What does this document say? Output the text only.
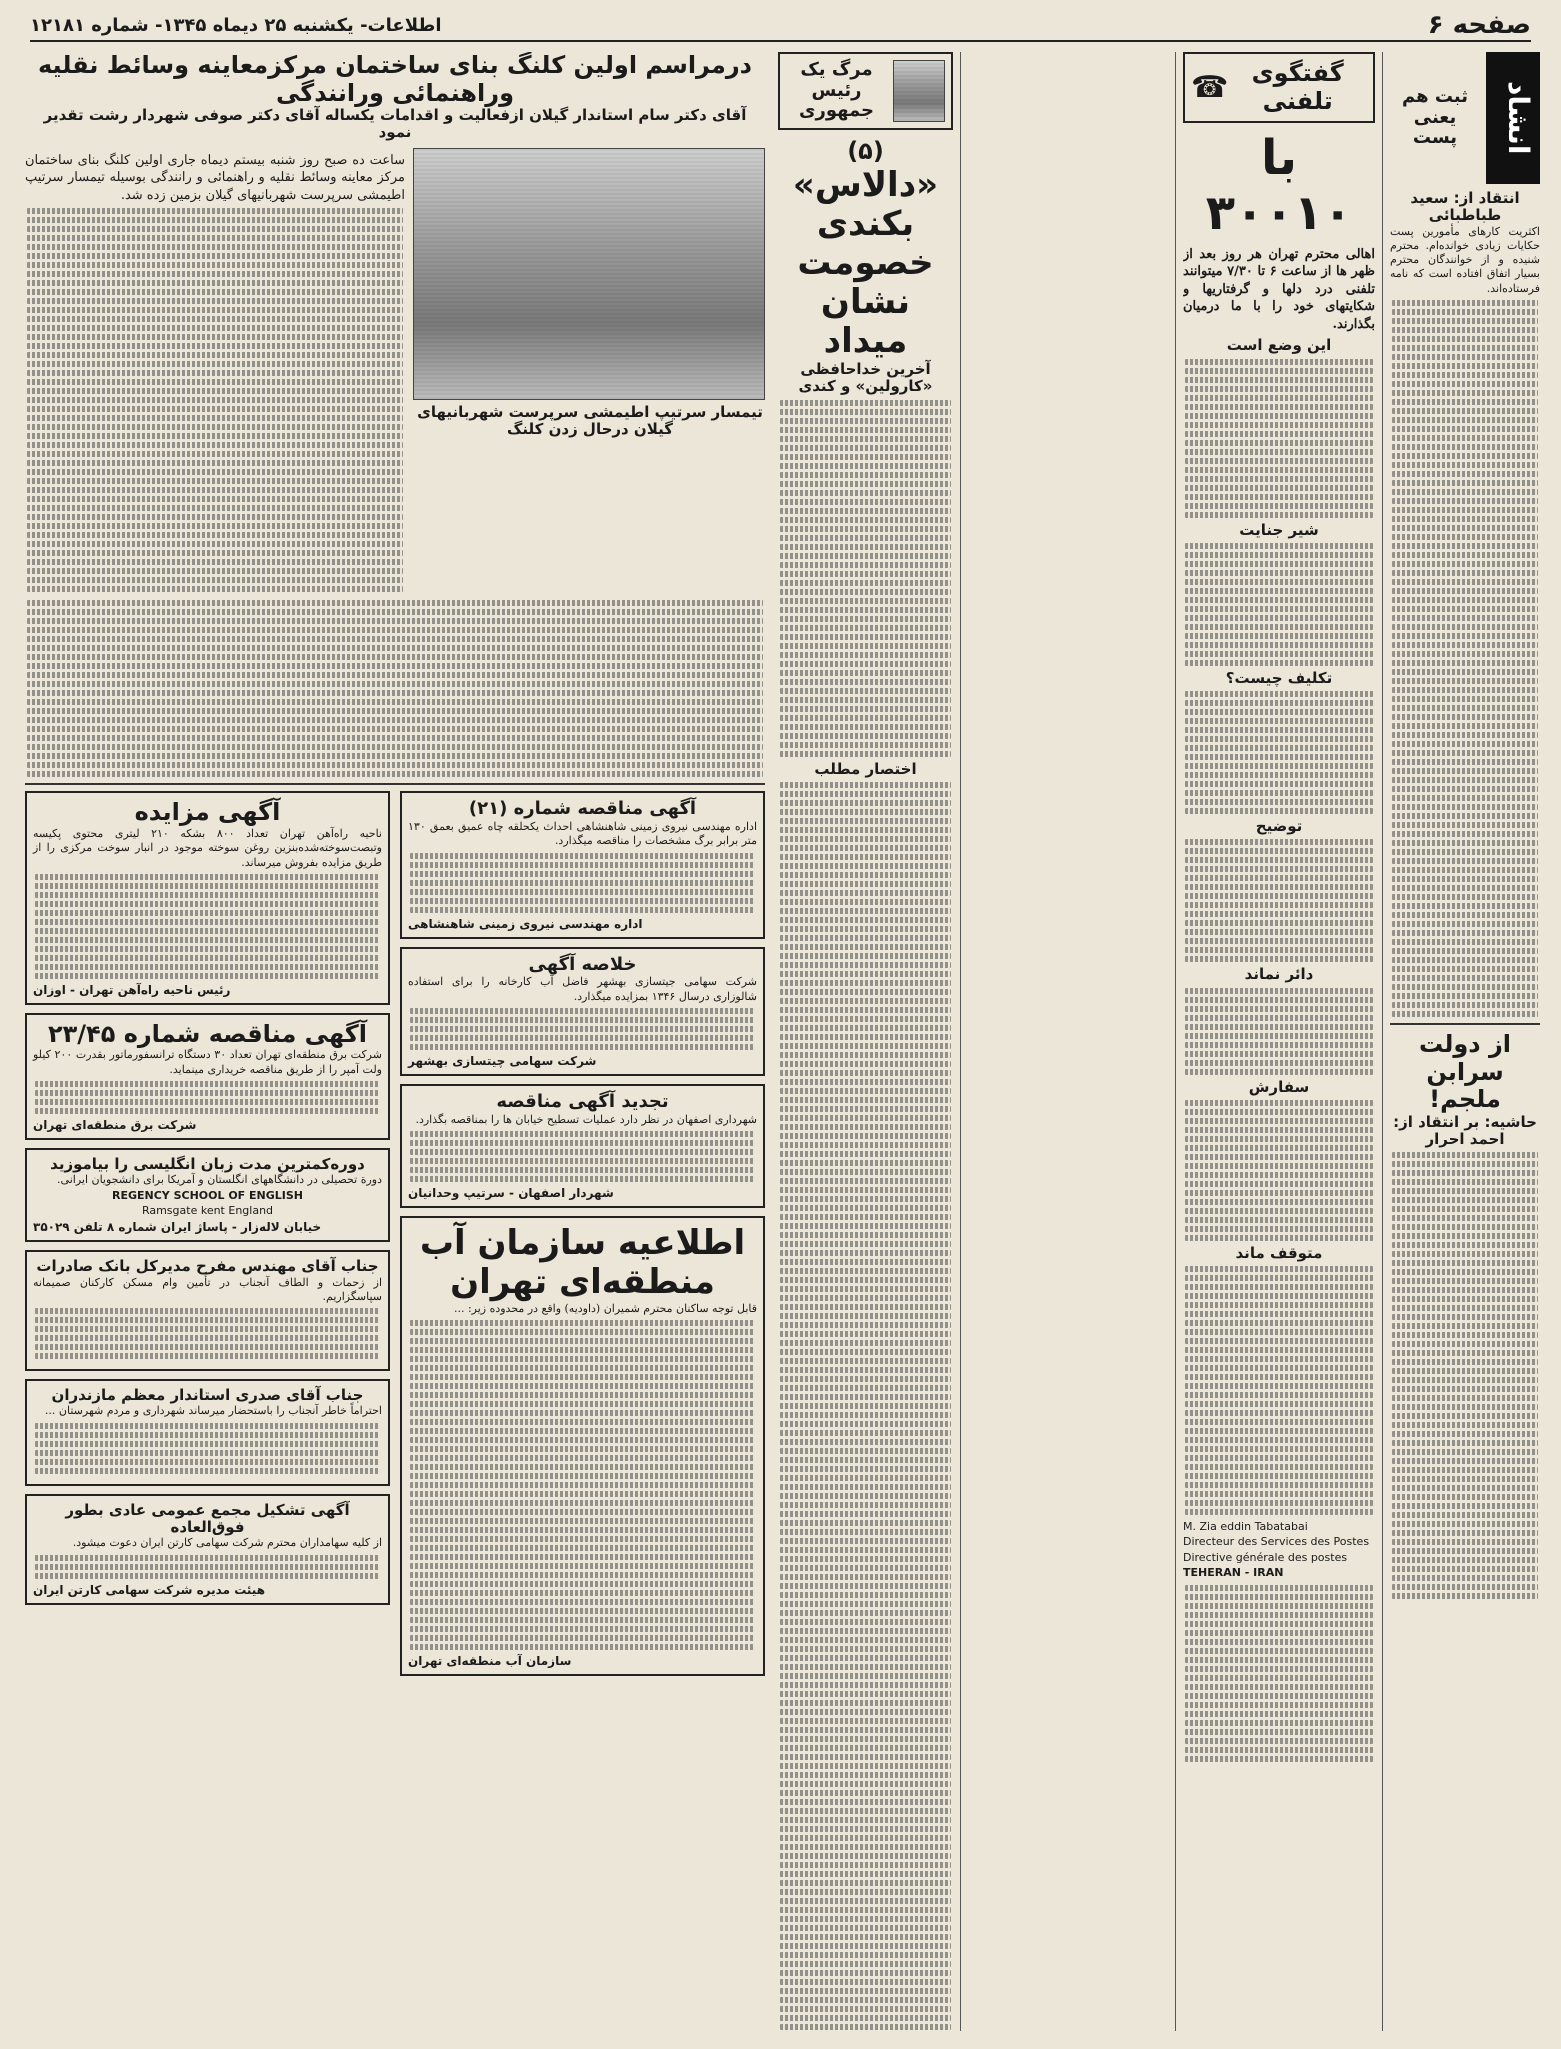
صفحه ۶
اطلاعات- یکشنبه ۲۵ دیماه ۱۳۴۵- شماره ۱۲۱۸۱
انشاد
ثبت هم یعنی پست
انتقاد از: سعید طباطبائی
اکثریت کارهای مأمورین پست حکایات زیادی خوانده‌ام. محترم شنیده و از خوانندگان محترم بسیار اتفاق افتاده است که نامه فرستاده‌اند.
از دولت سرابن ملجم!
حاشیه: بر انتقاد از: احمد احرار
گفتگوی تلفنی
☎
با ۳۰۰۱۰
اهالی محترم تهران هر روز بعد از ظهر ها از ساعت ۶ تا ۷/۳۰ میتوانند تلفنی درد دلها و گرفتاریها و شکایتهای خود را با ما درمیان بگذارند.
این وضع است
شیر جنایت
تکلیف چیست؟
توضیح
دائر نماند
سفارش
متوقف ماند
M. Zia eddin Tabatabai
Directeur des Services des Postes
Directive générale des postes
TEHERAN - IRAN
مرگ یک رئیس جمهوری
(۵)
«دالاس» بکندی خصومت نشان میداد
آخرین خداحافظی «کارولین» و کندی
اختصار مطلب
درمراسم اولین کلنگ بنای ساختمان مرکزمعاینه وسائط نقلیه وراهنمائی ورانندگی
آقای دکتر سام استاندار گیلان ازفعالیت و اقدامات یکساله آقای دکتر صوفی شهردار رشت تقدیر نمود
تیمسار سرتیپ اطیمشی سرپرست شهربانیهای گیلان درحال زدن کلنگ
ساعت ده صبح روز شنبه بیستم دیماه جاری اولین کلنگ بنای ساختمان مرکز معاینه وسائط نقلیه و راهنمائی و رانندگی بوسیله تیمسار سرتیپ اطیمشی سرپرست شهربانیهای گیلان بزمین زده شد.
آگهی مناقصه شماره (۲۱)
اداره مهندسی نیروی زمینی شاهنشاهی احداث یکحلقه چاه عمیق بعمق ۱۳۰ متر برابر برگ مشخصات را مناقصه میگذارد.
اداره مهندسی نیروی زمینی شاهنشاهی
خلاصه آگهی
شرکت سهامی جیتسازی بهشهر فاضل آب کارخانه را برای استفاده شالوزاری درسال ۱۳۴۶ بمزایده میگذارد.
شرکت سهامی چیتسازی بهشهر
تجدید آگهی مناقصه
شهرداری اصفهان در نظر دارد عملیات تسطیح خیابان ها را بمناقصه بگذارد.
شهردار اصفهان - سرتیپ وحدانیان
اطلاعیه سازمان آب منطقه‌ای تهران
قابل توجه ساکنان محترم شمیران (داودیه) واقع در محدوده زیر: ...
سازمان آب منطقه‌ای تهران
آگهی مزایده
ناحیه راه‌آهن تهران تعداد ۸۰۰ بشکه ۲۱۰ لیتری محتوی پکیسه وتبصت‌سوخته‌شده‌بنزین روغن سوخته موجود در انبار سوخت مرکزی را از طریق مزایده بفروش میرساند.
رئیس ناحیه راه‌آهن تهران - اوزان
آگهی مناقصه شماره ۲۳/۴۵
شرکت برق منطقه‌ای تهران تعداد ۳۰ دستگاه ترانسفورماتور بقدرت ۲۰۰ کیلو ولت آمپر را از طریق مناقصه خریداری مینماید.
شرکت برق منطقه‌ای تهران
دوره‌کمترین مدت زبان انگلیسی را بیاموزید
دورة تحصیلی در دانشگاههای انگلستان و آمریکا برای دانشجویان ایرانی.
REGENCY SCHOOL OF ENGLISH
Ramsgate kent England
خیابان لاله‌زار - پاساژ ایران شماره ۸ تلفن ۳۵۰۲۹
جناب آقای مهندس مفرح مدیرکل بانک صادرات
از زحمات و الطاف آنجناب در تأمین وام مسکن کارکنان صمیمانه سپاسگزاریم.
جناب آقای صدری استاندار معظم مازندران
احتراماً خاطر آنجناب را باستحضار میرساند شهرداری و مردم شهرستان ...
آگهی تشکیل مجمع عمومی عادی بطور فوق‌العاده
از کلیه سهامداران محترم شرکت سهامی کارتن ایران دعوت میشود.
هیئت مدیره شرکت سهامی کارتن ایران
